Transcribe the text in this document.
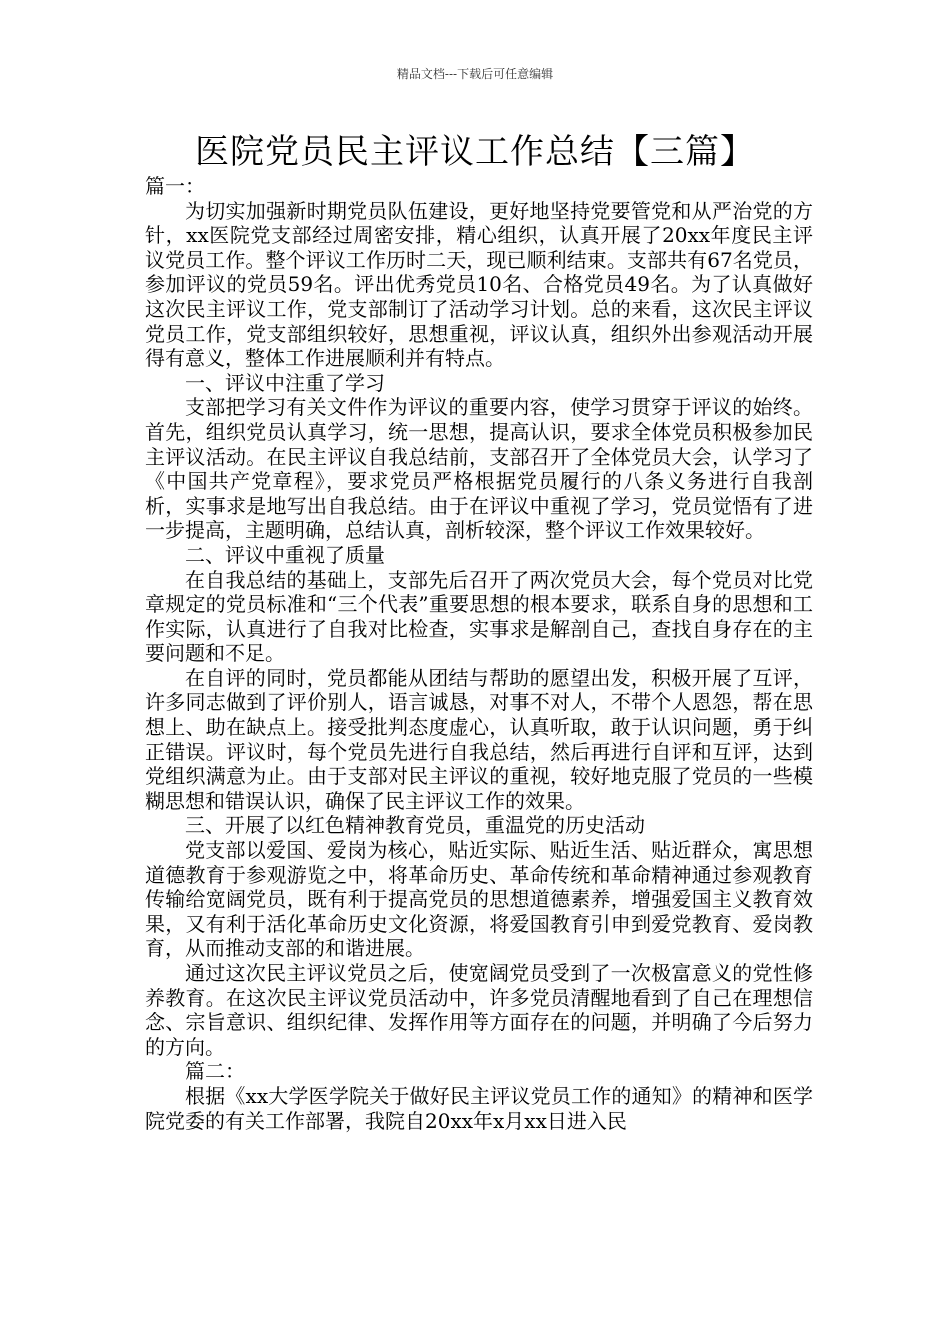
精品文档---下载后可任意编辑
医院党员民主评议工作总结【三篇】

篇一：

为切实加强新时期党员队伍建设，更好地坚持党要管党和从严治党的方针，xx医院党支部经过周密安排，精心组织，认真开展了20xx年度民主评议党员工作。整个评议工作历时二天，现已顺利结束。支部共有67名党员，参加评议的党员59名。评出优秀党员10名、合格党员49名。为了认真做好这次民主评议工作，党支部制订了活动学习计划。总的来看，这次民主评议党员工作，党支部组织较好，思想重视，评议认真，组织外出参观活动开展得有意义，整体工作进展顺利并有特点。

一、评议中注重了学习

支部把学习有关文件作为评议的重要内容，使学习贯穿于评议的始终。首先，组织党员认真学习，统一思想，提高认识，要求全体党员积极参加民主评议活动。在民主评议自我总结前，支部召开了全体党员大会，认学习了《中国共产党章程》，要求党员严格根据党员履行的八条义务进行自我剖析，实事求是地写出自我总结。由于在评议中重视了学习，党员觉悟有了进一步提高，主题明确，总结认真，剖析较深，整个评议工作效果较好。

二、评议中重视了质量

在自我总结的基础上，支部先后召开了两次党员大会，每个党员对比党章规定的党员标准和“三个代表”重要思想的根本要求，联系自身的思想和工作实际，认真进行了自我对比检查，实事求是解剖自己，查找自身存在的主要问题和不足。

在自评的同时，党员都能从团结与帮助的愿望出发，积极开展了互评，许多同志做到了评价别人，语言诚恳，对事不对人，不带个人恩怨，帮在思想上、助在缺点上。接受批判态度虚心，认真听取，敢于认识问题，勇于纠正错误。评议时，每个党员先进行自我总结，然后再进行自评和互评，达到党组织满意为止。由于支部对民主评议的重视，较好地克服了党员的一些模糊思想和错误认识，确保了民主评议工作的效果。

三、开展了以红色精神教育党员，重温党的历史活动

党支部以爱国、爱岗为核心，贴近实际、贴近生活、贴近群众，寓思想道德教育于参观游览之中，将革命历史、革命传统和革命精神通过参观教育传输给宽阔党员，既有利于提高党员的思想道德素养，增强爱国主义教育效果，又有利于活化革命历史文化资源，将爱国教育引申到爱党教育、爱岗教育，从而推动支部的和谐进展。

通过这次民主评议党员之后，使宽阔党员受到了一次极富意义的党性修养教育。在这次民主评议党员活动中，许多党员清醒地看到了自己在理想信念、宗旨意识、组织纪律、发挥作用等方面存在的问题，并明确了今后努力的方向。

篇二：

根据《xx大学医学院关于做好民主评议党员工作的通知》的精神和医学院党委的有关工作部署，我院自20xx年x月xx日进入民
